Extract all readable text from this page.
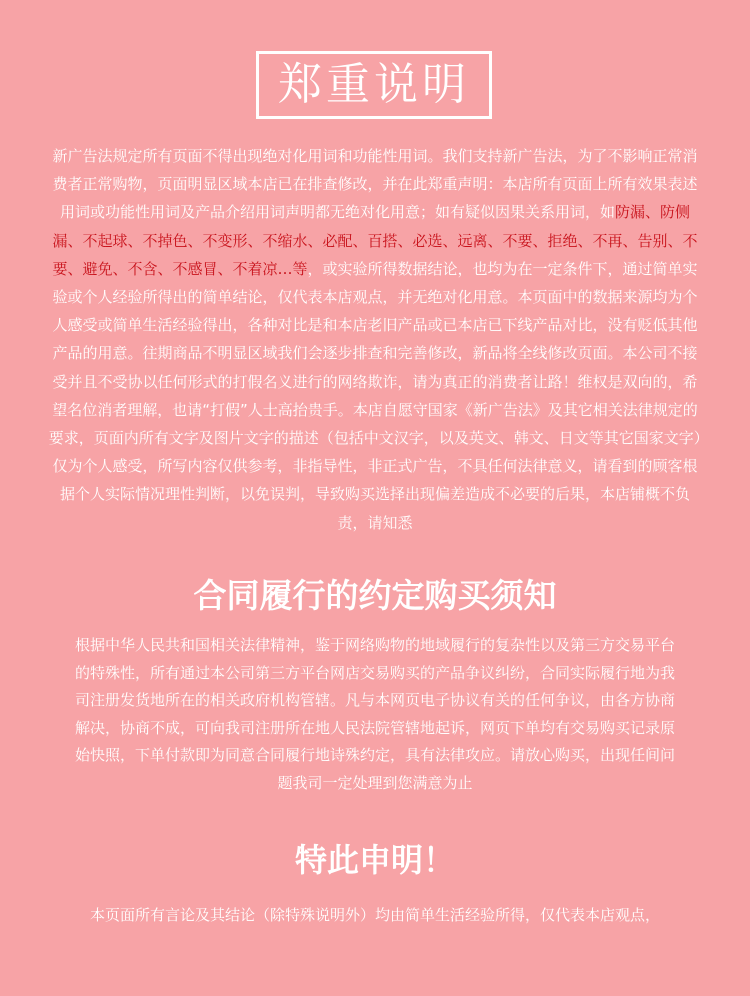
郑重说明

新广告法规定所有页面不得出现绝对化用词和功能性用词。我们支持新广告法，为了不影响正常消费者正常购物，页面明显区域本店已在排查修改，并在此郑重声明：本店所有页面上所有效果表述用词或功能性用词及产品介绍用词声明都无绝对化用意；如有疑似因果关系用词，如防漏、防侧漏、不起球、不掉色、不变形、不缩水、必配、百搭、必选、远离、不要、拒绝、不再、告别、不要、避免、不含、不感冒、不着凉…等，或实验所得数据结论，也均为在一定条件下，通过简单实验或个人经验所得出的简单结论，仅代表本店观点，并无绝对化用意。本页面中的数据来源均为个人感受或简单生活经验得出，各种对比是和本店老旧产品或已本店已下线产品对比，没有贬低其他产品的用意。往期商品不明显区域我们会逐步排查和完善修改，新品将全线修改页面。本公司不接受并且不受协以任何形式的打假名义进行的网络欺诈，请为真正的消费者让路！维权是双向的，希望名位消者理解，也请“打假”人士高抬贵手。本店自愿守国家《新广告法》及其它相关法律规定的要求，页面内所有文字及图片文字的描述（包括中文汉字，以及英文、韩文、日文等其它国家文字）仅为个人感受，所写内容仅供参考，非指导性，非正式广告，不具任何法律意义，请看到的顾客根据个人实际情况理性判断，以免误判，导致购买选择出现偏差造成不必要的后果，本店铺概不负责，请知悉

合同履行的约定购买须知

根据中华人民共和国相关法律精神，鉴于网络购物的地域履行的复杂性以及第三方交易平台的特殊性，所有通过本公司第三方平台网店交易购买的产品争议纠纷，合同实际履行地为我司注册发货地所在的相关政府机构管辖。凡与本网页电子协议有关的任何争议，由各方协商解决，协商不成，可向我司注册所在地人民法院管辖地起诉，网页下单均有交易购买记录原始快照，下单付款即为同意合同履行地诗殊约定，具有法律攻应。请放心购买，出现任间问题我司一定处理到您满意为止

特此申明！

本页面所有言论及其结论（除特殊说明外）均由简单生活经验所得，仅代表本店观点，
